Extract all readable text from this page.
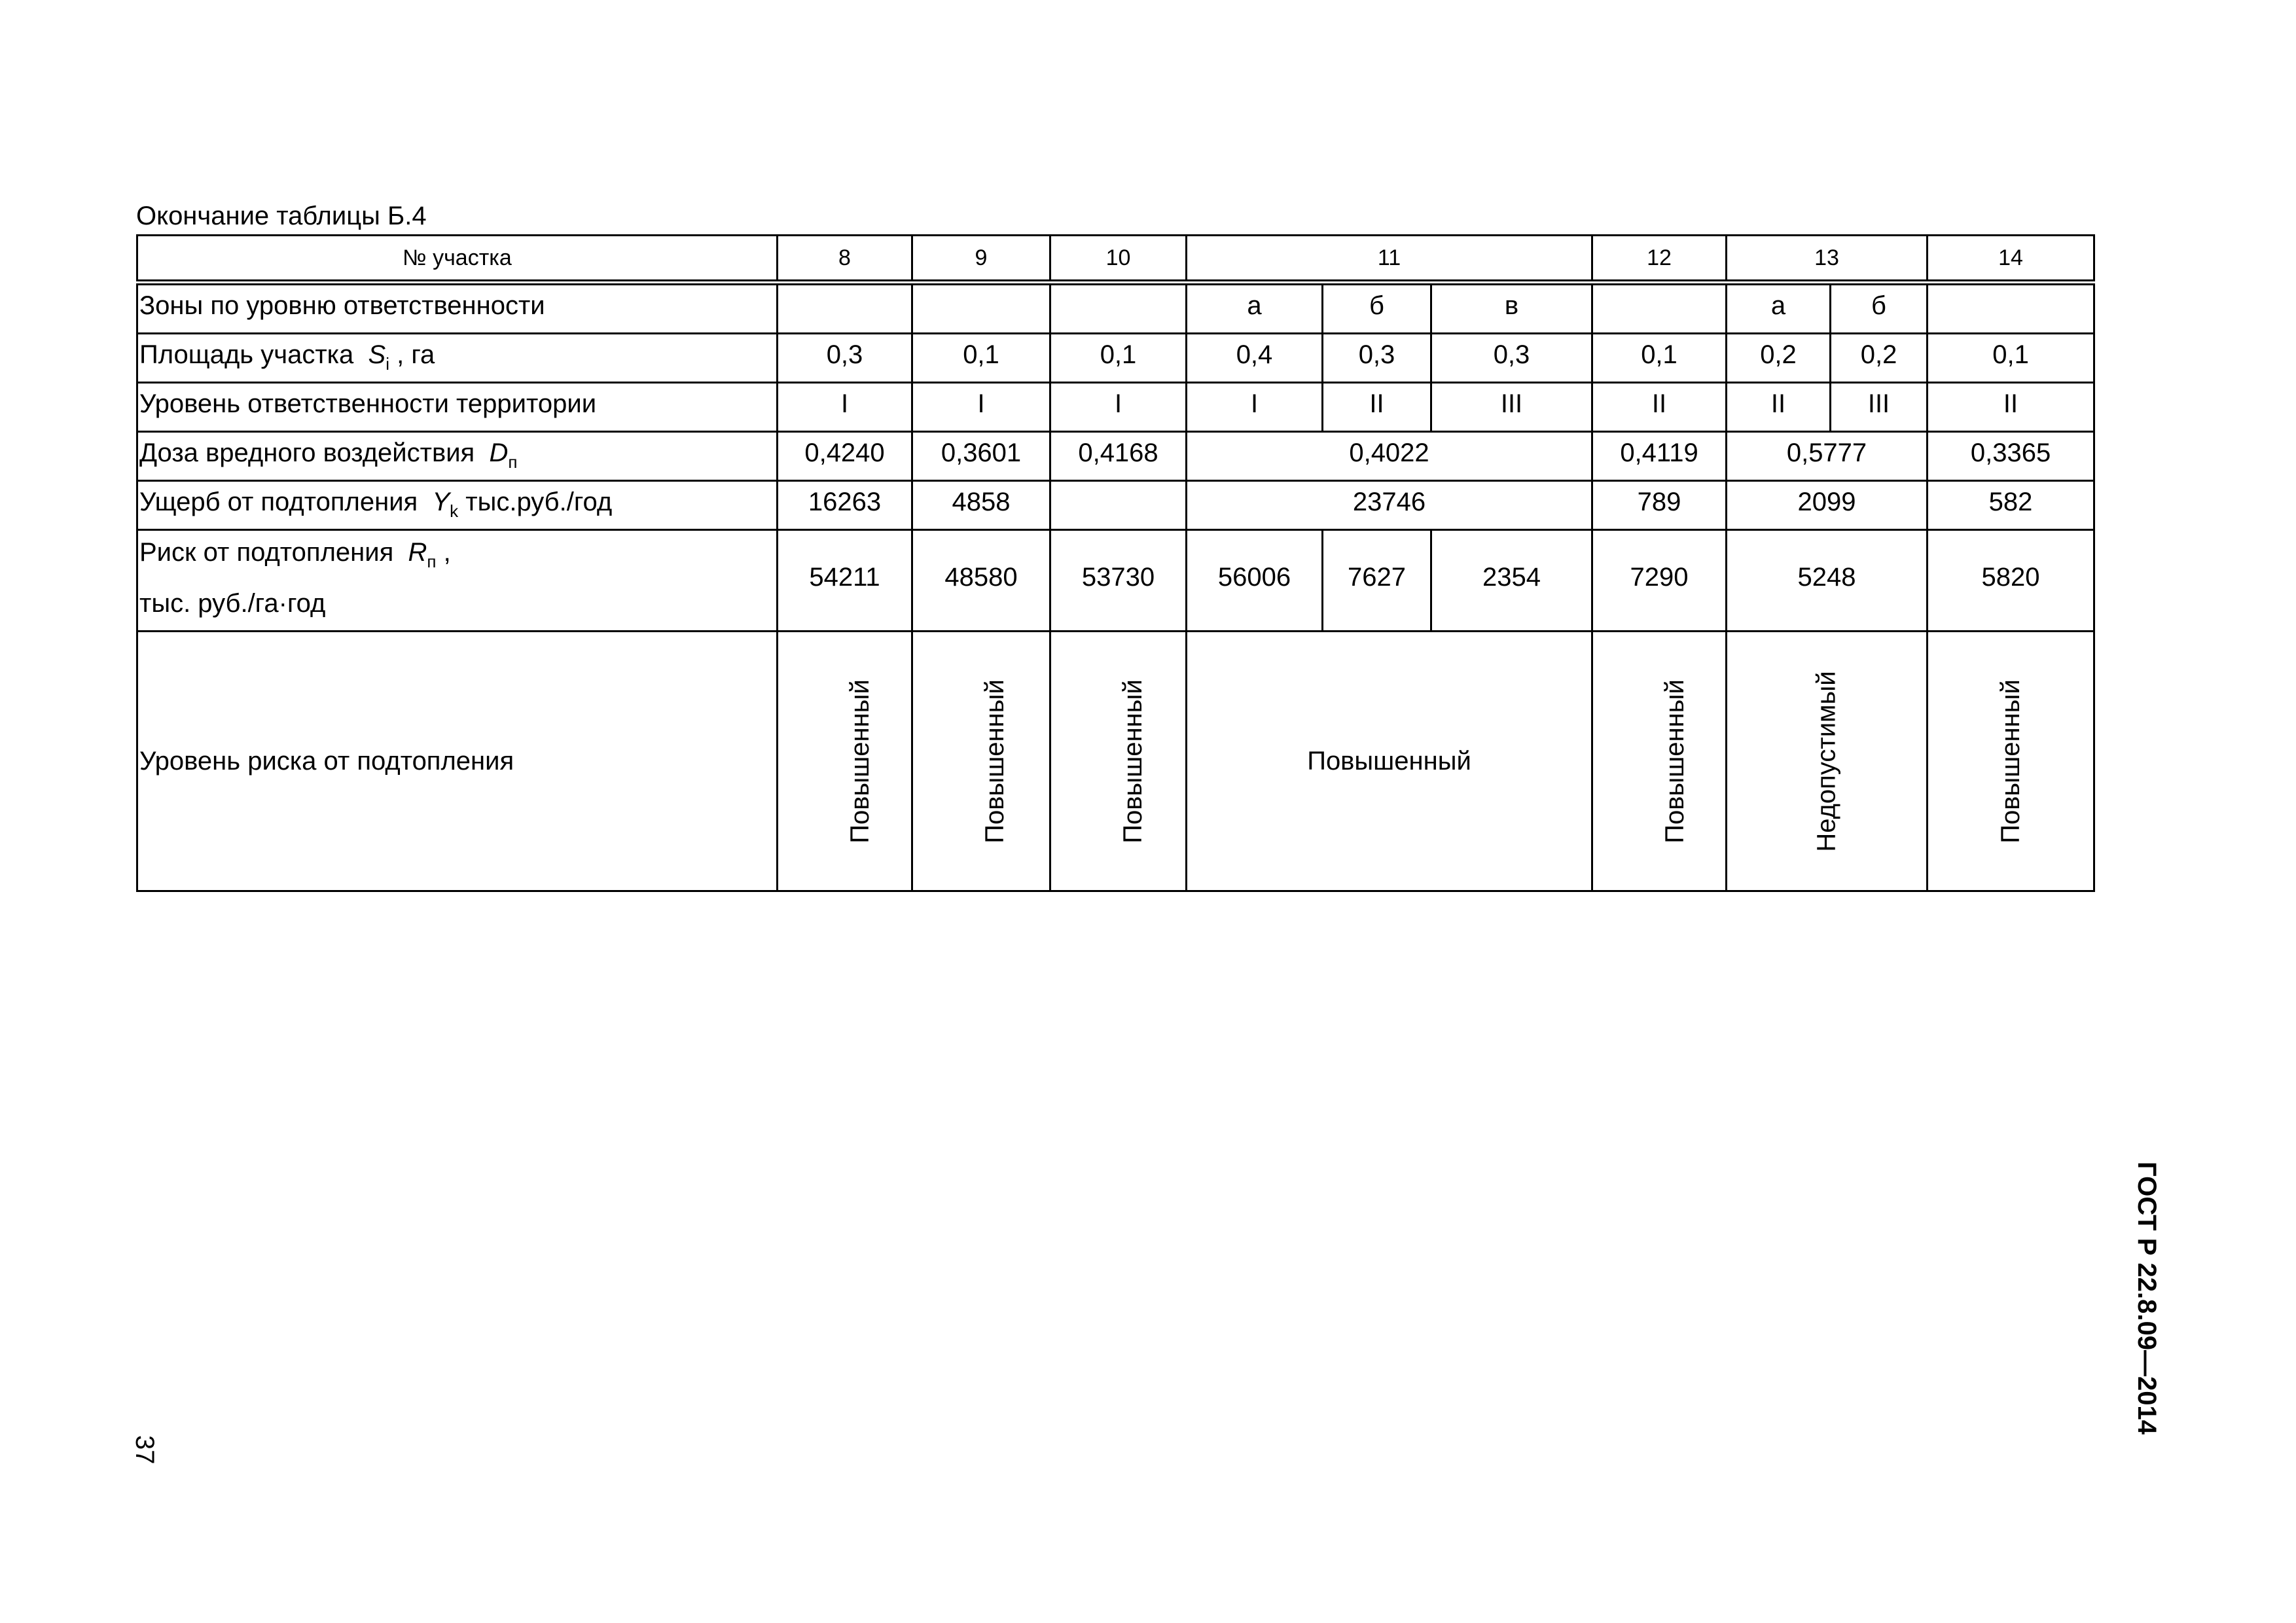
Окончание таблицы Б.4
№ участка	8	9	10	11			12	13		14
Зоны по уровню ответственности				а	б	в		а	б	
Площадь участка $S_i$ , га	0,3	0,1	0,1	0,4	0,3	0,3	0,1	0,2	0,2	0,1
Уровень ответственности территории	I	I	I	I	II	III	II	II	III	II
Доза вредного воздействия $D_п$	0,4240	0,3601	0,4168	0,4022			0,4119	0,5777		0,3365
Ущерб от подтопления $Y_k$ тыс.руб./год	16263	4858		23746			789	2099		582

Риск от подтопления $R_п$ ,
тыс. руб./га·год	54211	48580	53730	56006	7627	2354	7290	5248		5820
Уровень риска от подтопления	Повышенный	Повышенный	Повышенный	Повышенный			Повышенный	Недопустимый		Повышенный
37
ГОСТ Р 22.8.09—2014
